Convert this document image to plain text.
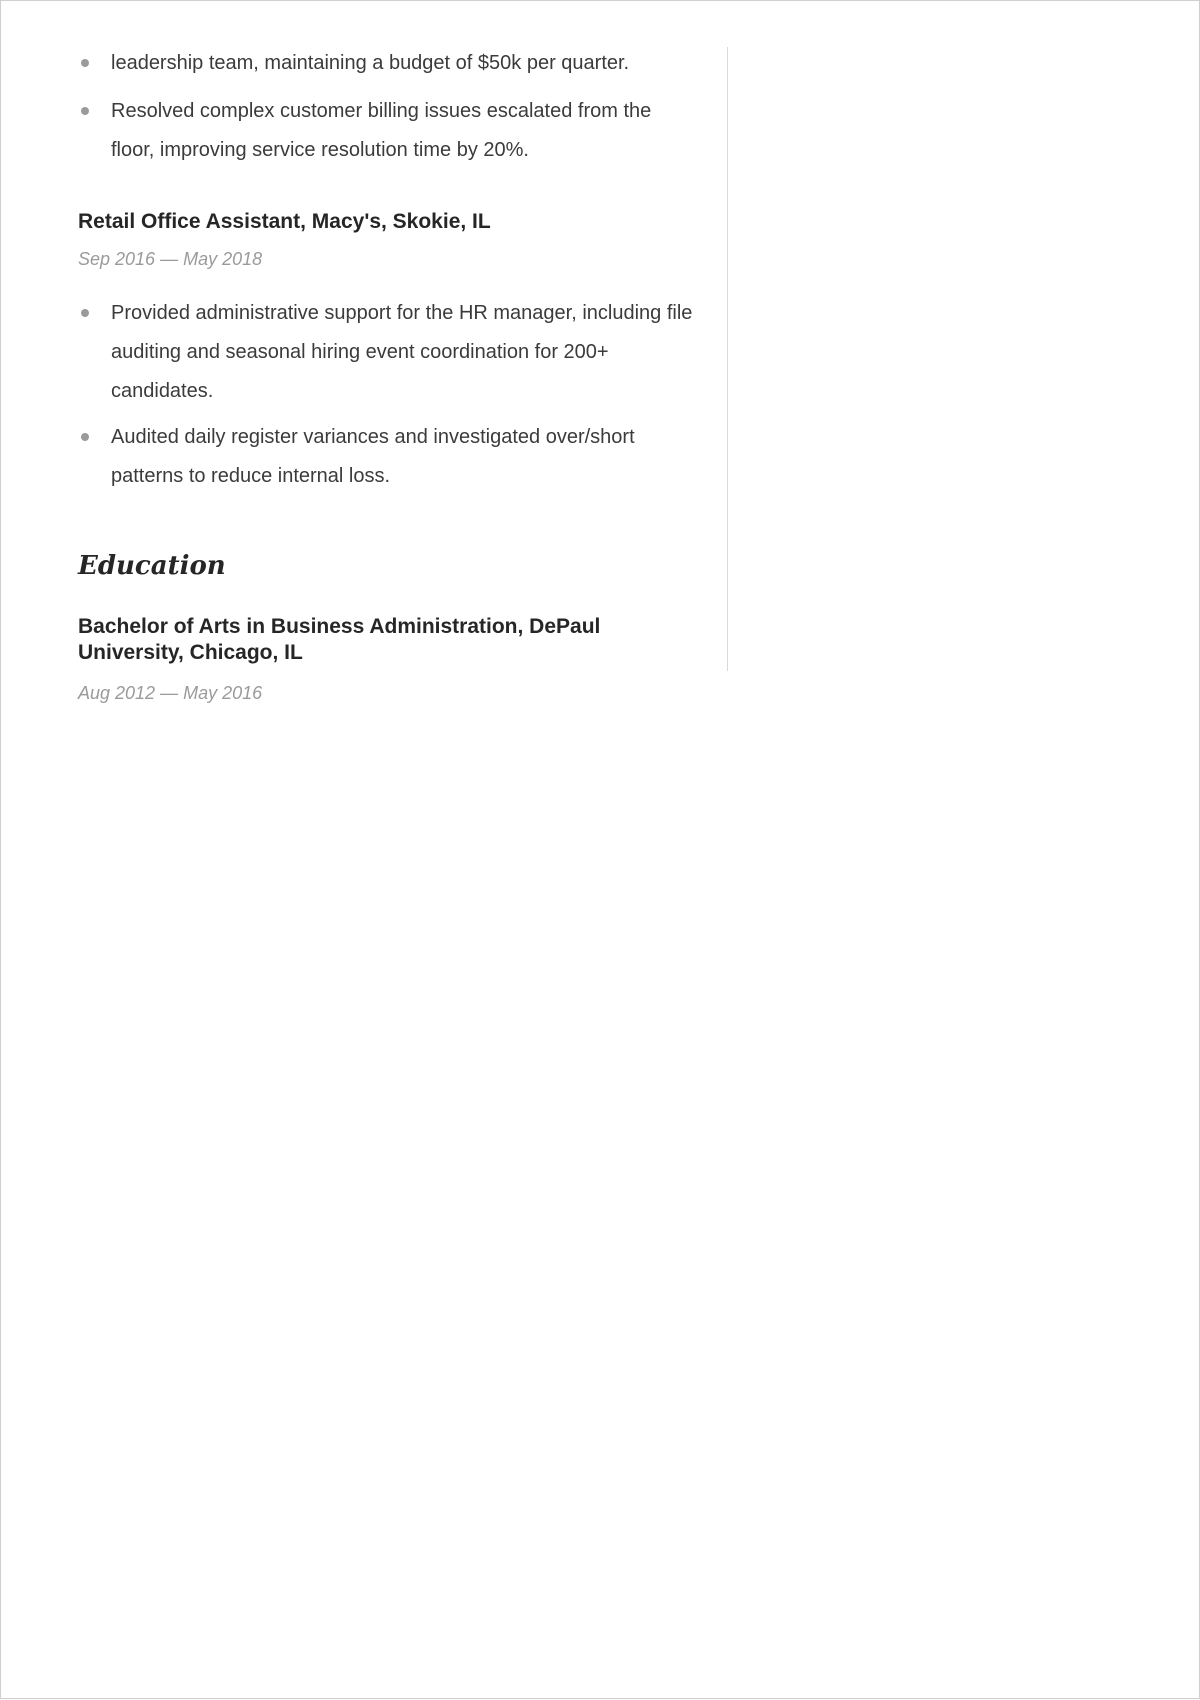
leadership team, maintaining a budget of $50k per quarter.
Resolved complex customer billing issues escalated from the floor, improving service resolution time by 20%.
Retail Office Assistant, Macy's, Skokie, IL
Sep 2016 — May 2018
Provided administrative support for the HR manager, including file auditing and seasonal hiring event coordination for 200+ candidates.
Audited daily register variances and investigated over/short patterns to reduce internal loss.
Education
Bachelor of Arts in Business Administration, DePaul University, Chicago, IL
Aug 2012 — May 2016
